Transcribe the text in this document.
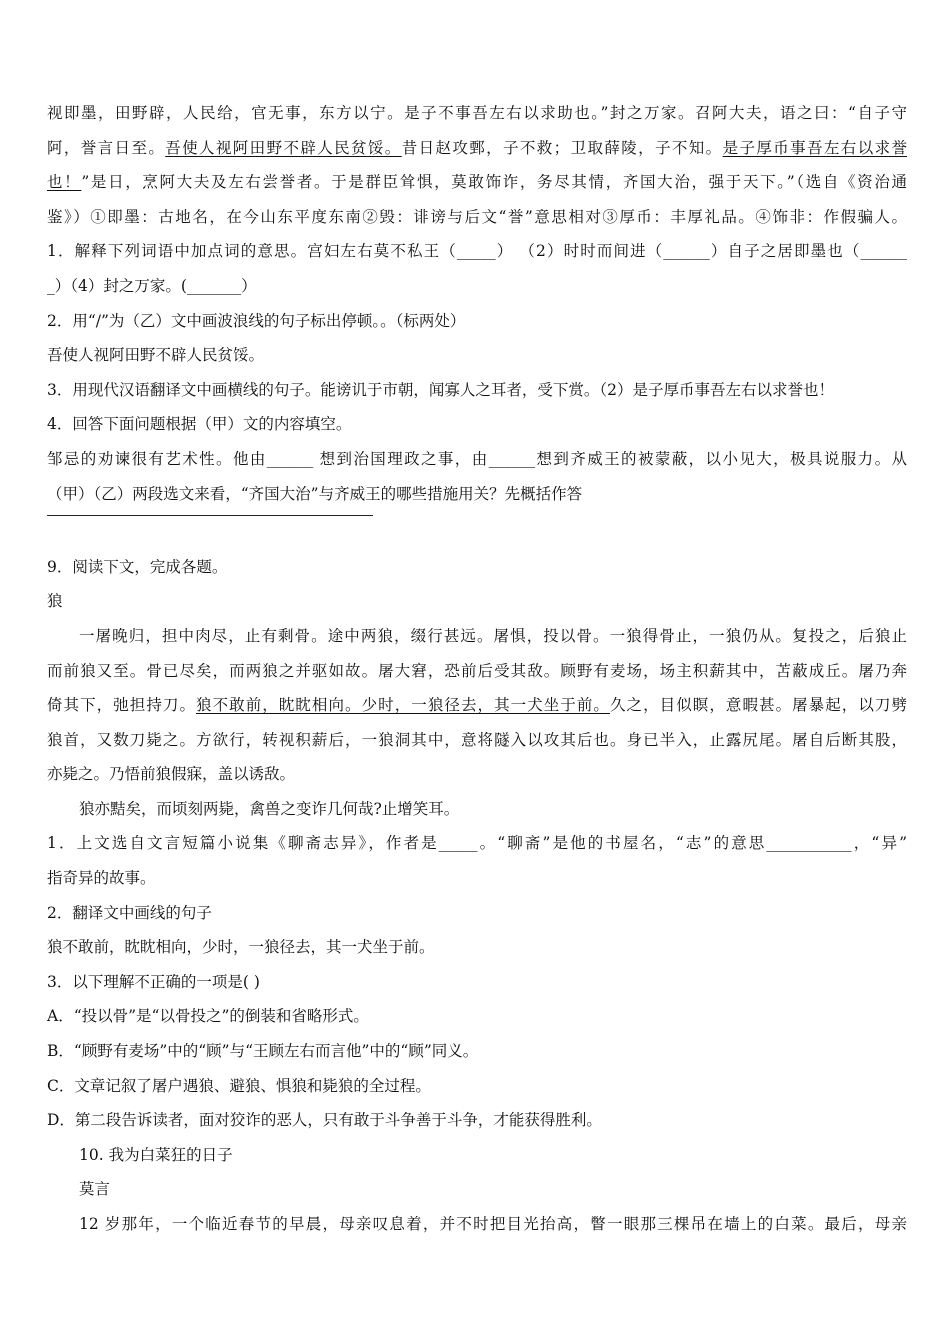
视即墨，田野辟，人民给，官无事，东方以宁。是子不事吾左右以求助也。”封之万家。召阿大夫，语之曰：“自子守
阿，誉言日至。吾使人视阿田野不辟人民贫馁。昔日赵攻鄄，子不救；卫取薛陵，子不知。是子厚币事吾左右以求誉
也！”是日，烹阿大夫及左右尝誉者。于是群臣耸惧，莫敢饰诈，务尽其情，齐国大治，强于天下。”（选自《资治通
鉴》）①即墨：古地名，在今山东平度东南②毁：诽谤与后文“誉”意思相对③厚币：丰厚礼品。④饰非：作假骗人。
1．解释下列词语中加点词的意思。宫妇左右莫不私王（_____） （2）时时而间进（______）自子之居即墨也（______
_）（4）封之万家。(_______）
2．用“/”为（乙）文中画波浪线的句子标出停顿。。（标两处）
吾使人视阿田野不辟人民贫馁。
3．用现代汉语翻译文中画横线的句子。能谤讥于市朝，闻寡人之耳者，受下赏。（2）是子厚币事吾左右以求誉也！
4．回答下面问题根据（甲）文的内容填空。
邹忌的劝谏很有艺术性。他由______ 想到治国理政之事，由______想到齐威王的被蒙蔽，以小见大，极具说服力。从
（甲）（乙）两段选文来看，“齐国大治”与齐威王的哪些措施用关？先概括作答
9．阅读下文，完成各题。
狼
一屠晚归，担中肉尽，止有剩骨。途中两狼，缀行甚远。屠惧，投以骨。一狼得骨止，一狼仍从。复投之，后狼止
而前狼又至。骨已尽矣，而两狼之并驱如故。屠大窘，恐前后受其敌。顾野有麦场，场主积薪其中，苫蔽成丘。屠乃奔
倚其下，弛担持刀。狼不敢前，眈眈相向。少时，一狼径去，其一犬坐于前。久之，目似瞑，意暇甚。屠暴起，以刀劈
狼首，又数刀毙之。方欲行，转视积薪后，一狼洞其中，意将隧入以攻其后也。身已半入，止露尻尾。屠自后断其股，
亦毙之。乃悟前狼假寐，盖以诱敌。
狼亦黠矣，而顷刻两毙，禽兽之变诈几何哉?止增笑耳。
1．上文选自文言短篇小说集《聊斋志异》，作者是_____。“聊斋”是他的书屋名，“志”的意思___________，“异”
指奇异的故事。
2．翻译文中画线的句子
狼不敢前，眈眈相向，少时，一狼径去，其一犬坐于前。
3．以下理解不正确的一项是( )
A．“投以骨”是“以骨投之”的倒装和省略形式。
B．“顾野有麦场”中的“顾”与“王顾左右而言他”中的“顾”同义。
C．文章记叙了屠户遇狼、避狼、惧狼和毙狼的全过程。
D．第二段告诉读者，面对狡诈的恶人，只有敢于斗争善于斗争，才能获得胜利。
10. 我为白菜狂的日子
莫言
12 岁那年，一个临近春节的早晨，母亲叹息着，并不时把目光抬高，瞥一眼那三棵吊在墙上的白菜。最后，母亲
